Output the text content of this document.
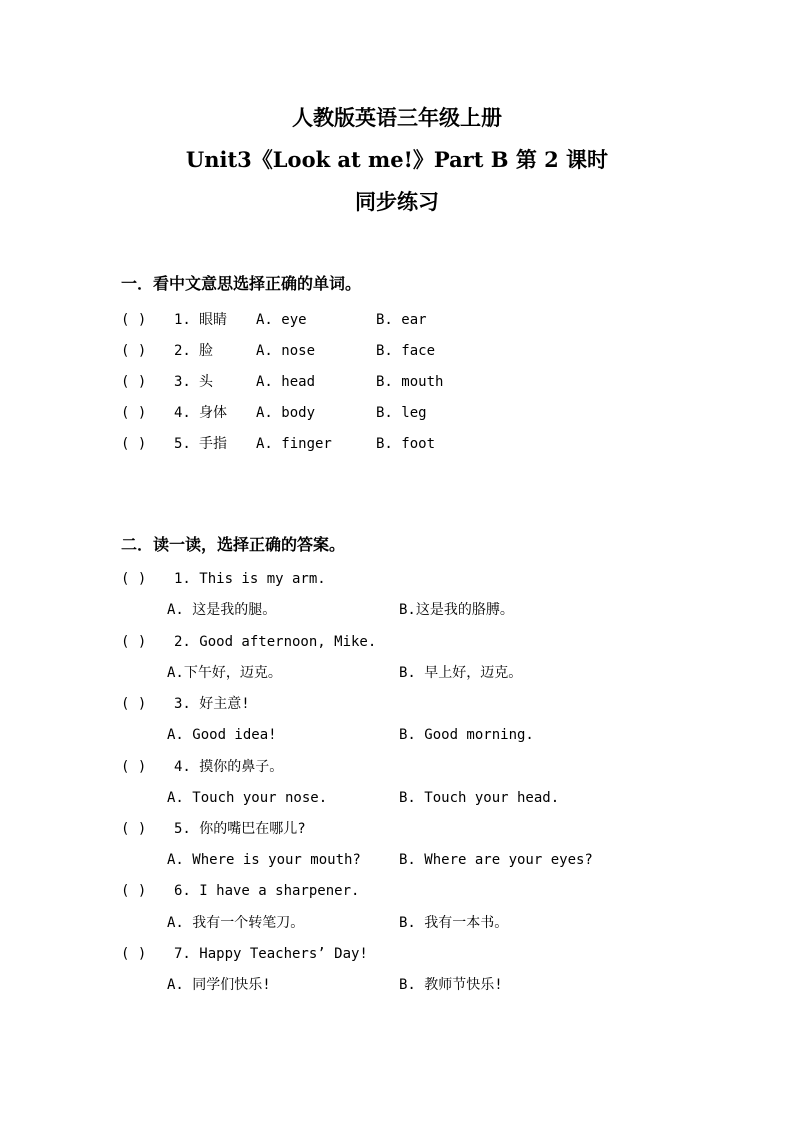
人教版英语三年级上册
Unit3《Look at me!》Part B 第 2 课时
同步练习
一．看中文意思选择正确的单词。
( ) 1. 眼睛 A. eye	B. ear
( ) 2. 脸	A. nose	B. face
( ) 3. 头	A. head	B. mouth
( ) 4. 身体 A. body	B. leg
( ) 5. 手指 A. finger	B. foot
二．读一读，选择正确的答案。
( ) 1. This is my arm.
A. 这是我的腿。	B.这是我的胳膊。
( ) 2. Good afternoon, Mike.
A.下午好，迈克。	B. 早上好，迈克。
( ) 3. 好主意!
A. Good idea!	B. Good morning.
( ) 4. 摸你的鼻子。
A. Touch your nose.	B. Touch your head.
( ) 5. 你的嘴巴在哪儿?
A. Where is your mouth?	B. Where are your eyes?
( ) 6. I have a sharpener.
A. 我有一个转笔刀。	B. 我有一本书。
( ) 7. Happy Teachers’ Day!
A. 同学们快乐!	B. 教师节快乐!
